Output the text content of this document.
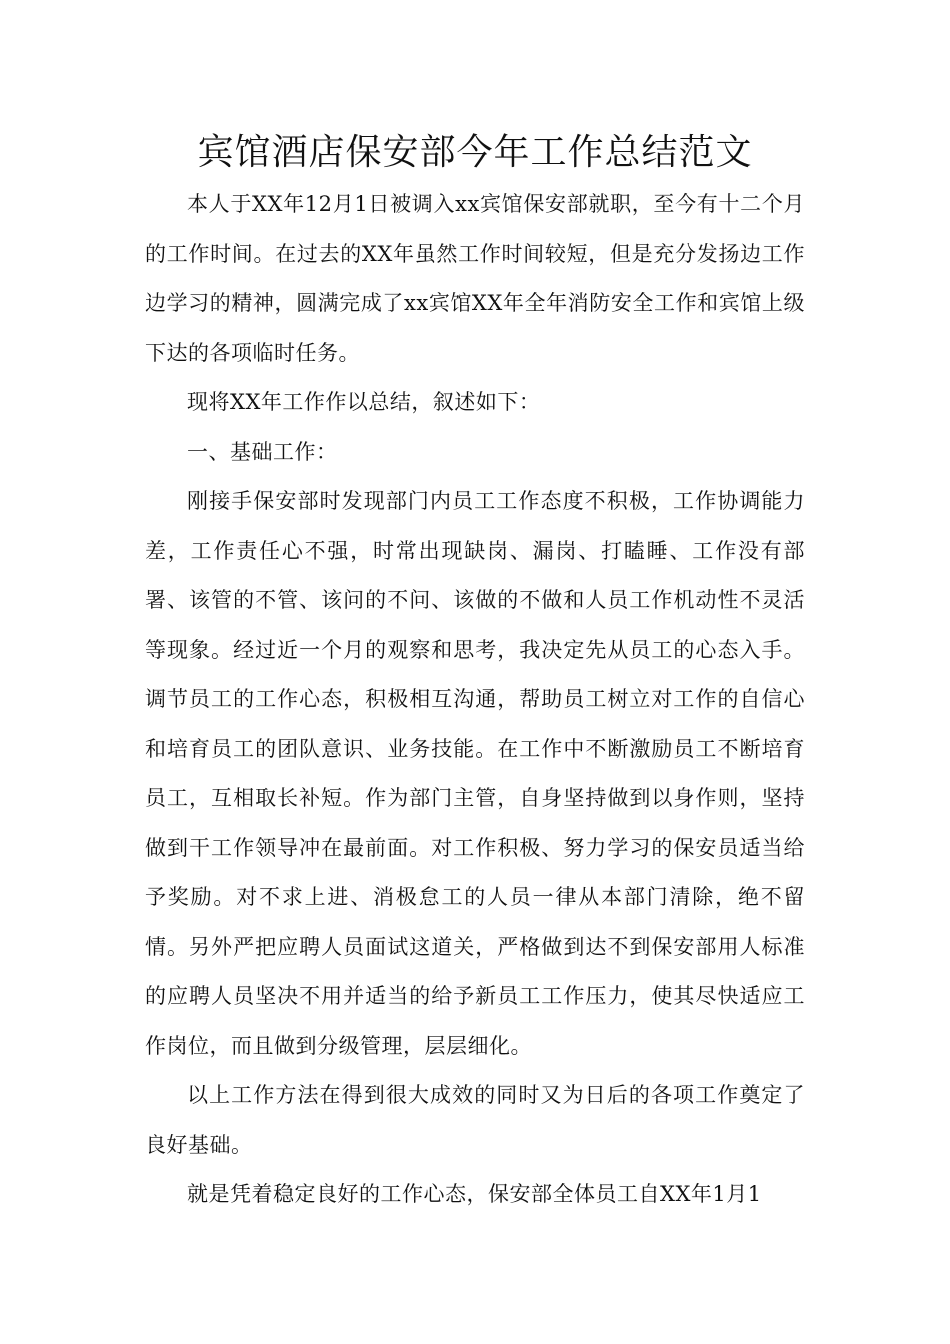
宾馆酒店保安部今年工作总结范文

本人于XX年12月1日被调入xx宾馆保安部就职，至今有十二个月的工作时间。在过去的XX年虽然工作时间较短，但是充分发扬边工作边学习的精神，圆满完成了xx宾馆XX年全年消防安全工作和宾馆上级下达的各项临时任务。

现将XX年工作作以总结，叙述如下：

一、基础工作：

刚接手保安部时发现部门内员工工作态度不积极，工作协调能力差，工作责任心不强，时常出现缺岗、漏岗、打瞌睡、工作没有部署、该管的不管、该问的不问、该做的不做和人员工作机动性不灵活等现象。经过近一个月的观察和思考，我决定先从员工的心态入手。调节员工的工作心态，积极相互沟通，帮助员工树立对工作的自信心和培育员工的团队意识、业务技能。在工作中不断激励员工不断培育员工，互相取长补短。作为部门主管，自身坚持做到以身作则，坚持做到干工作领导冲在最前面。对工作积极、努力学习的保安员适当给予奖励。对不求上进、消极怠工的人员一律从本部门清除，绝不留情。另外严把应聘人员面试这道关，严格做到达不到保安部用人标准的应聘人员坚决不用并适当的给予新员工工作压力，使其尽快适应工作岗位，而且做到分级管理，层层细化。

以上工作方法在得到很大成效的同时又为日后的各项工作奠定了良好基础。

就是凭着稳定良好的工作心态，保安部全体员工自XX年1月1
